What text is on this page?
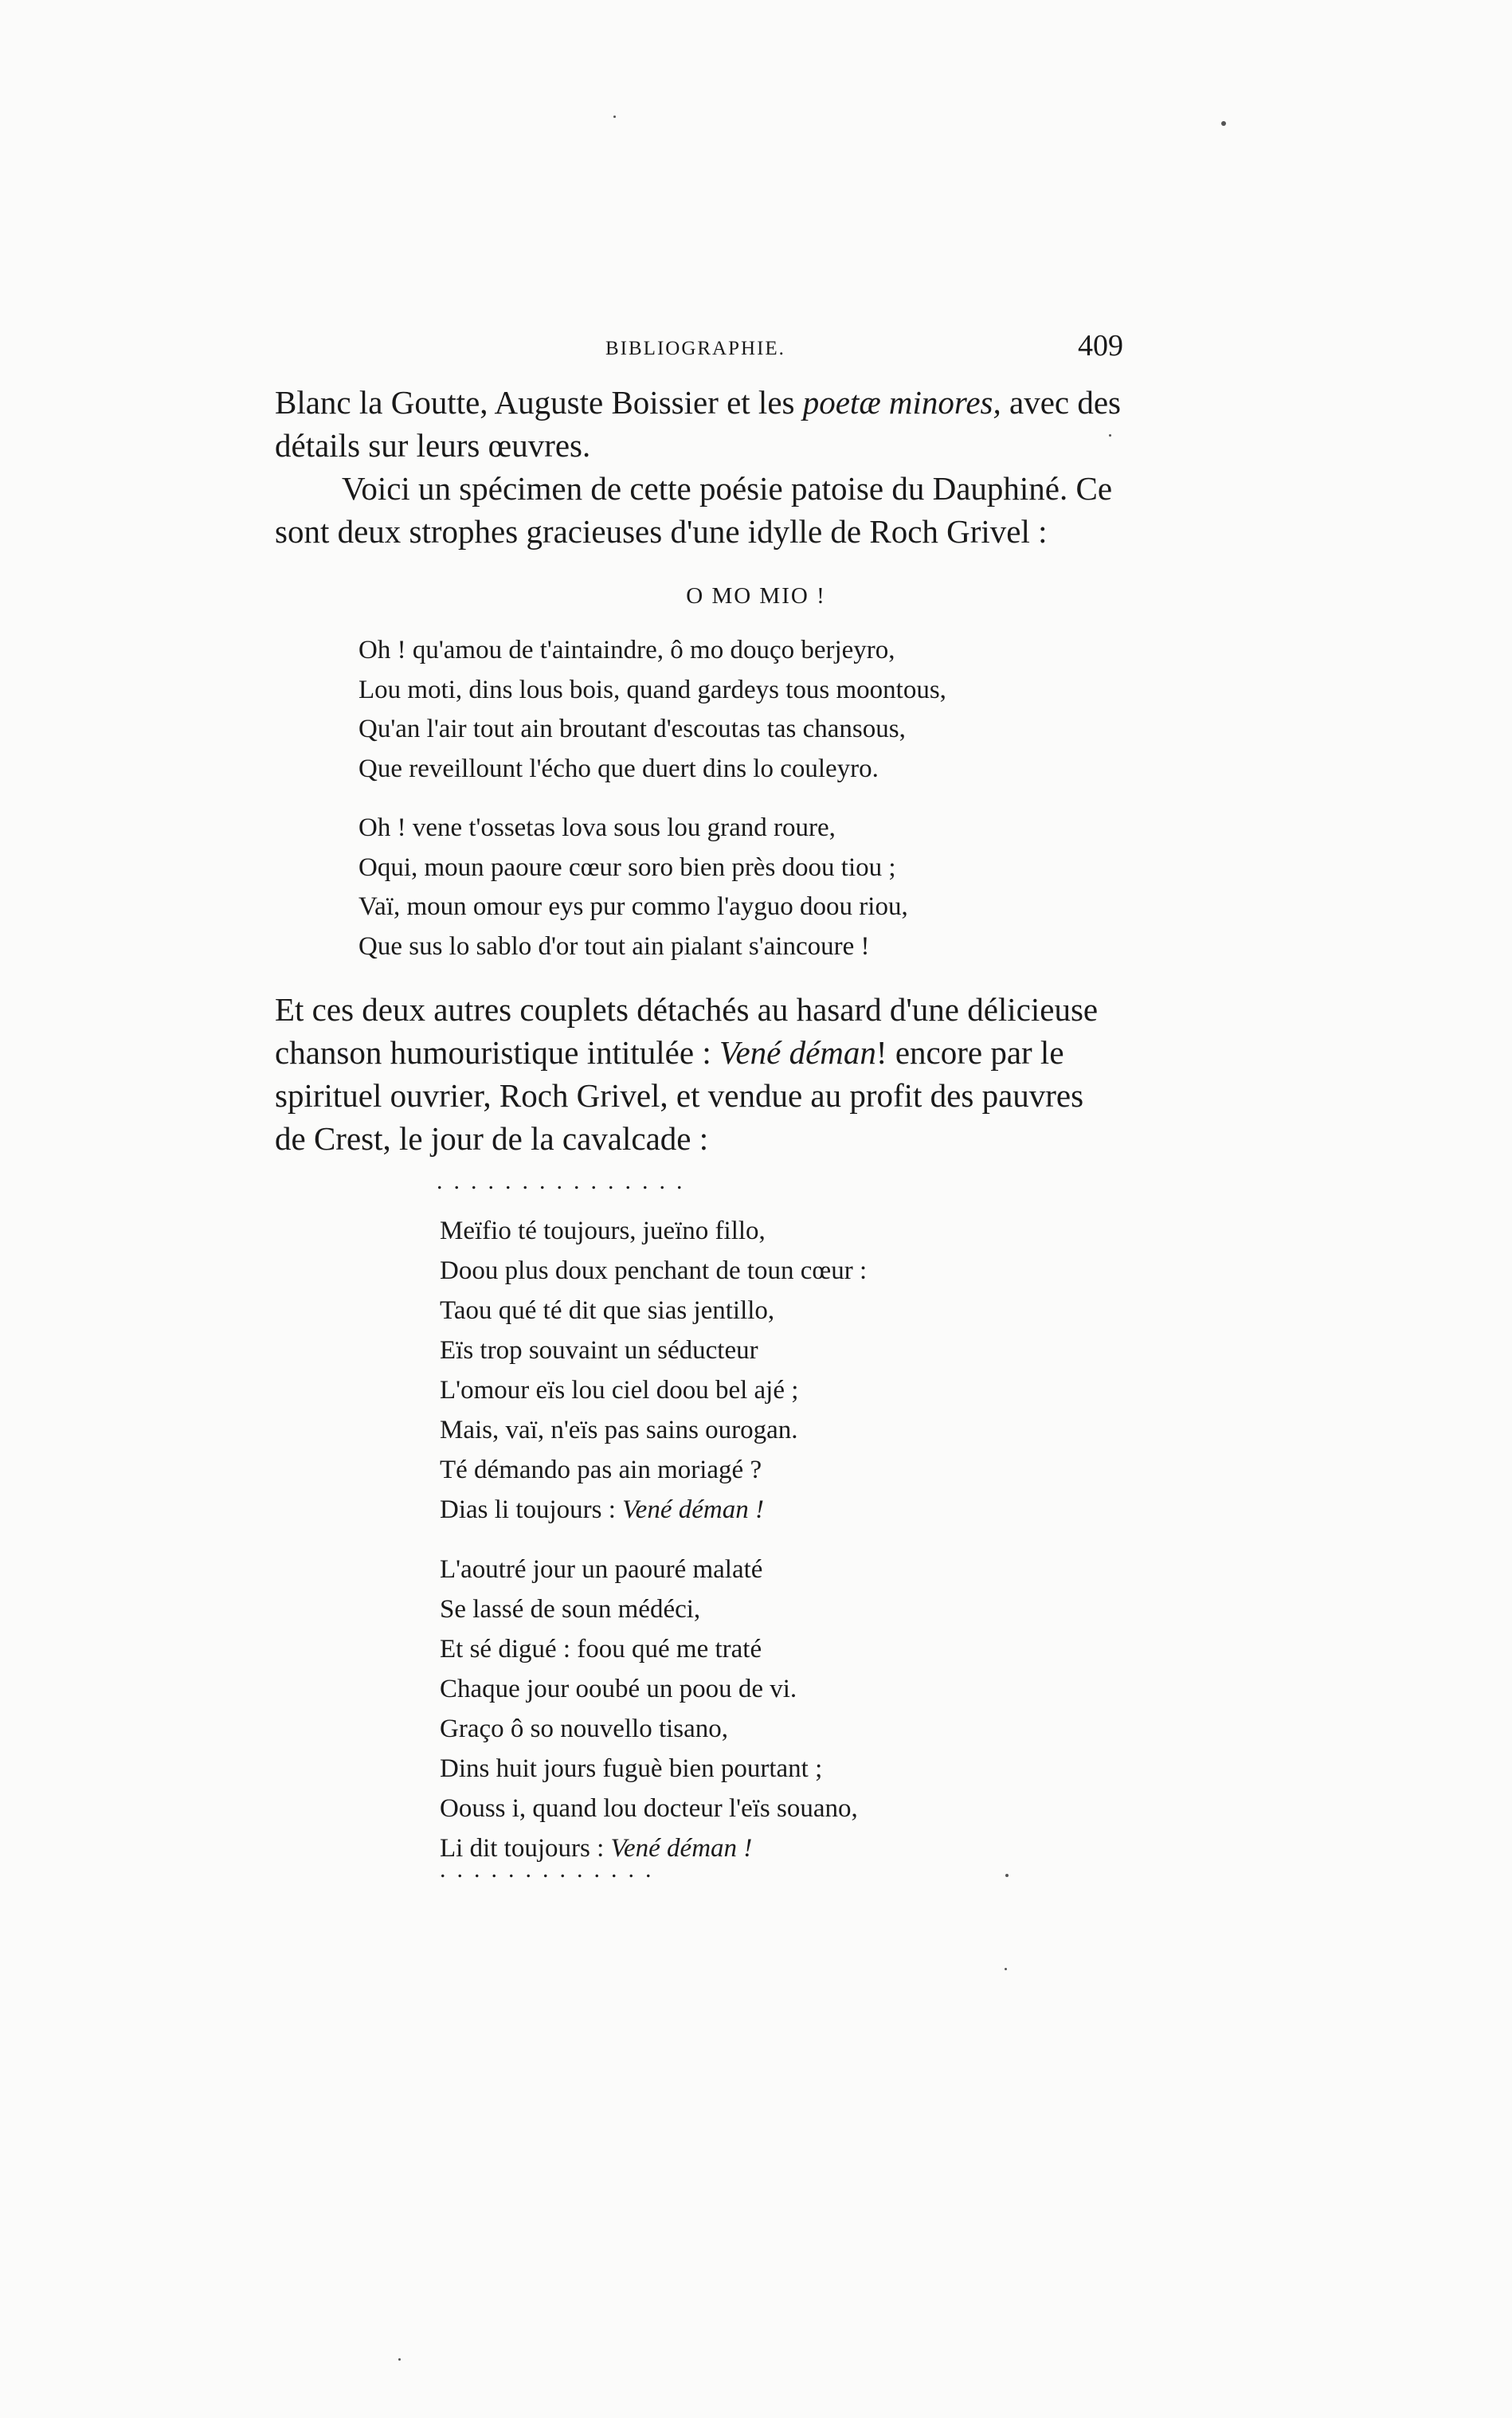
BIBLIOGRAPHIE.	409

Blanc la Goutte, Auguste Boissier et les poetæ minores, avec des
détails sur leurs œuvres.

Voici un spécimen de cette poésie patoise du Dauphiné. Ce
sont deux strophes gracieuses d'une idylle de Roch Grivel :

O MO MIO !
Oh ! qu'amou de t'aintaindre, ô mo douço berjeyro,
Lou moti, dins lous bois, quand gardeys tous moontous,
Qu'an l'air tout ain broutant d'escoutas tas chansous,
Que reveillount l'écho que duert dins lo couleyro.
Oh ! vene t'ossetas lova sous lou grand roure,
Oqui, moun paoure cœur soro bien près doou tiou ;
Vaï, moun omour eys pur commo l'ayguo doou riou,
Que sus lo sablo d'or tout ain pialant s'aincoure !

Et ces deux autres couplets détachés au hasard d'une délicieuse
chanson humouristique intitulée : Vené déman! encore par le
spirituel ouvrier, Roch Grivel, et vendue au profit des pauvres
de Crest, le jour de la cavalcade :

...............
Meïfio té toujours, jueïno fillo,
Doou plus doux penchant de toun cœur :
Taou qué té dit que sias jentillo,
Eïs trop souvaint un séducteur
L'omour eïs lou ciel doou bel ajé ;
Mais, vaï, n'eïs pas sains ourogan.
Té démando pas ain moriagé ?
Dias li toujours : Vené déman !
L'aoutré jour un paouré malaté
Se lassé de soun médéci,
Et sé digué : foou qué me traté
Chaque jour ooubé un poou de vi.
Graço ô so nouvello tisano,
Dins huit jours fuguè bien pourtant ;
Oouss i, quand lou docteur l'eïs souano,
Li dit toujours : Vené déman !
.............
